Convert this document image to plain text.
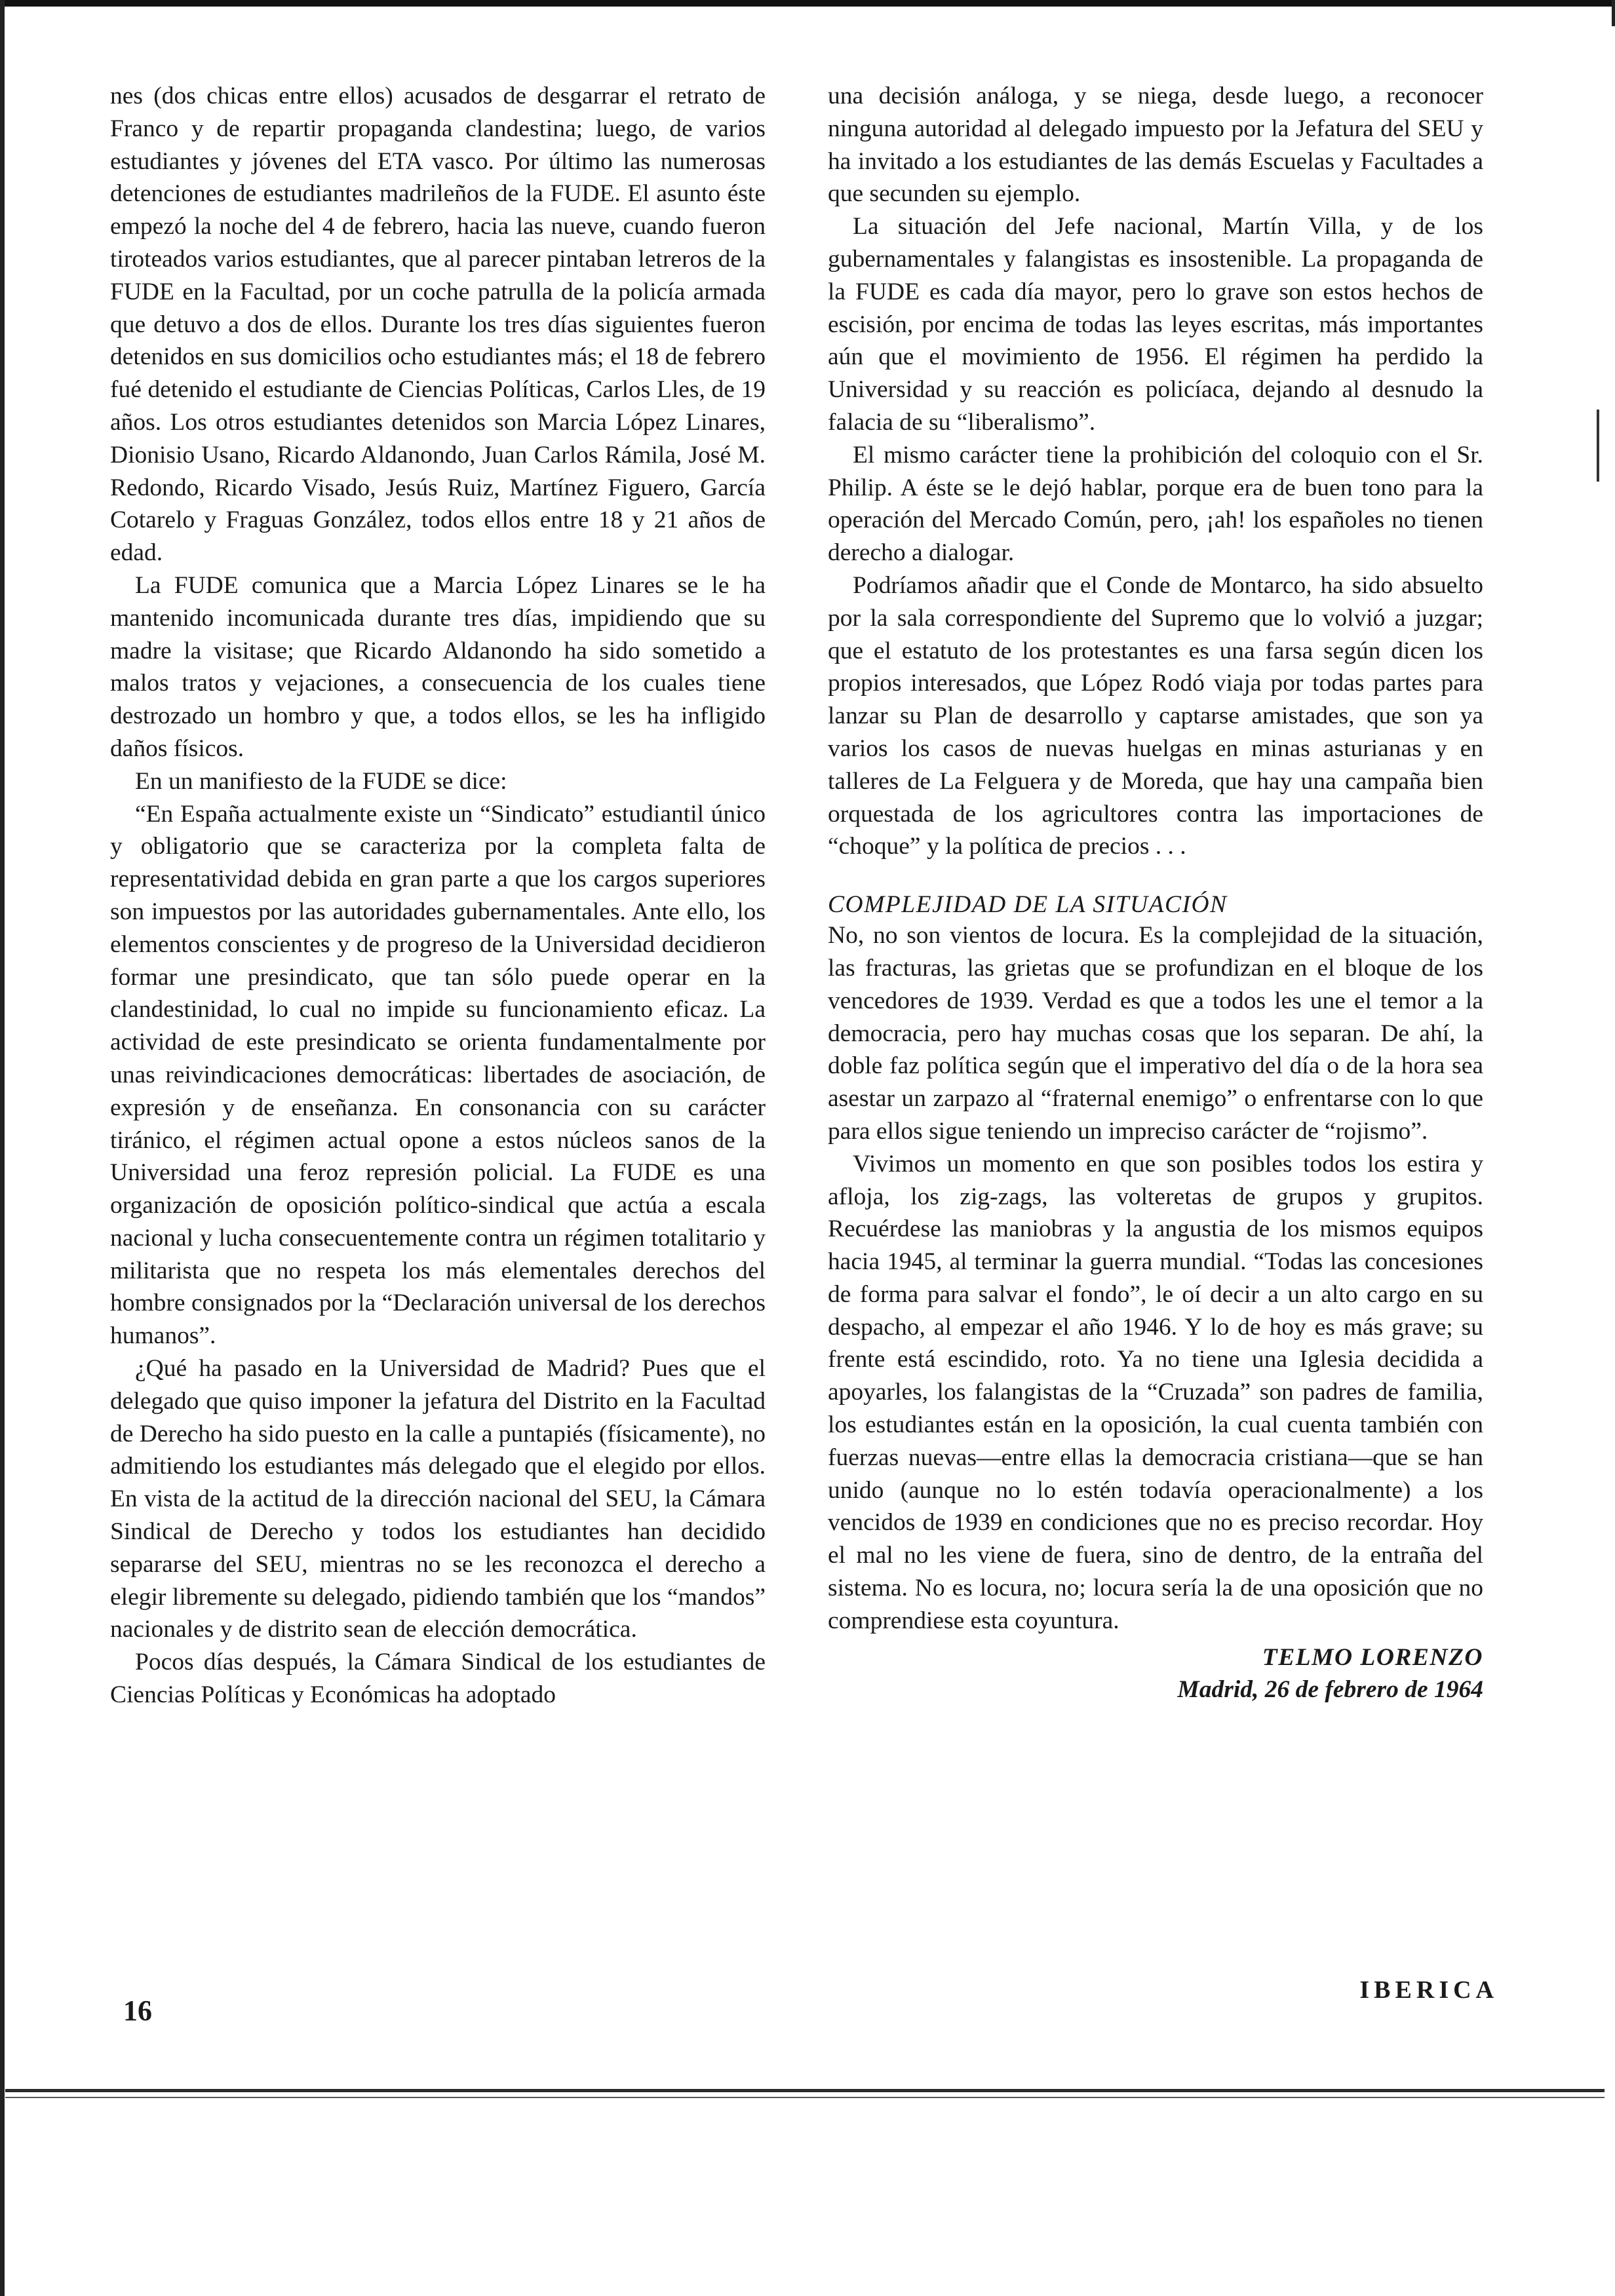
nes (dos chicas entre ellos) acusados de desgarrar el retrato de Franco y de repartir propaganda clandestina; luego, de varios estudiantes y jóvenes del ETA vasco. Por último las numerosas detenciones de estudiantes madrileños de la FUDE. El asunto éste empezó la noche del 4 de febrero, hacia las nueve, cuando fueron tiroteados varios estudiantes, que al parecer pintaban letreros de la FUDE en la Facultad, por un coche patrulla de la policía armada que detuvo a dos de ellos. Durante los tres días siguientes fueron detenidos en sus domicilios ocho estudiantes más; el 18 de febrero fué detenido el estudiante de Ciencias Políticas, Carlos Lles, de 19 años. Los otros estudiantes detenidos son Marcia López Linares, Dionisio Usano, Ricardo Aldanondo, Juan Carlos Rámila, José M. Redondo, Ricardo Visado, Jesús Ruiz, Martínez Figuero, García Cotarelo y Fraguas González, todos ellos entre 18 y 21 años de edad.

La FUDE comunica que a Marcia López Linares se le ha mantenido incomunicada durante tres días, impidiendo que su madre la visitase; que Ricardo Aldanondo ha sido sometido a malos tratos y vejaciones, a consecuencia de los cuales tiene destrozado un hombro y que, a todos ellos, se les ha infligido daños físicos.

En un manifiesto de la FUDE se dice:

“En España actualmente existe un “Sindicato” estudiantil único y obligatorio que se caracteriza por la completa falta de representatividad debida en gran parte a que los cargos superiores son impuestos por las autoridades gubernamentales. Ante ello, los elementos conscientes y de progreso de la Universidad decidieron formar une presindicato, que tan sólo puede operar en la clandestinidad, lo cual no impide su funcionamiento eficaz. La actividad de este presindicato se orienta fundamentalmente por unas reivindicaciones democráticas: libertades de asociación, de expresión y de enseñanza. En consonancia con su carácter tiránico, el régimen actual opone a estos núcleos sanos de la Universidad una feroz represión policial. La FUDE es una organización de oposición político-sindical que actúa a escala nacional y lucha consecuentemente contra un régimen totalitario y militarista que no respeta los más elementales derechos del hombre consignados por la “Declaración universal de los derechos humanos”.

¿Qué ha pasado en la Universidad de Madrid? Pues que el delegado que quiso imponer la jefatura del Distrito en la Facultad de Derecho ha sido puesto en la calle a puntapiés (físicamente), no admitiendo los estudiantes más delegado que el elegido por ellos. En vista de la actitud de la dirección nacional del SEU, la Cámara Sindical de Derecho y todos los estudiantes han decidido separarse del SEU, mientras no se les reconozca el derecho a elegir libremente su delegado, pidiendo también que los “mandos” nacionales y de distrito sean de elección democrática.

Pocos días después, la Cámara Sindical de los estudiantes de Ciencias Políticas y Económicas ha adoptado

una decisión análoga, y se niega, desde luego, a reconocer ninguna autoridad al delegado impuesto por la Jefatura del SEU y ha invitado a los estudiantes de las demás Escuelas y Facultades a que secunden su ejemplo.

La situación del Jefe nacional, Martín Villa, y de los gubernamentales y falangistas es insostenible. La propaganda de la FUDE es cada día mayor, pero lo grave son estos hechos de escisión, por encima de todas las leyes escritas, más importantes aún que el movimiento de 1956. El régimen ha perdido la Universidad y su reacción es policíaca, dejando al desnudo la falacia de su “liberalismo”.

El mismo carácter tiene la prohibición del coloquio con el Sr. Philip. A éste se le dejó hablar, porque era de buen tono para la operación del Mercado Común, pero, ¡ah! los españoles no tienen derecho a dialogar.

Podríamos añadir que el Conde de Montarco, ha sido absuelto por la sala correspondiente del Supremo que lo volvió a juzgar; que el estatuto de los protestantes es una farsa según dicen los propios interesados, que López Rodó viaja por todas partes para lanzar su Plan de desarrollo y captarse amistades, que son ya varios los casos de nuevas huelgas en minas asturianas y en talleres de La Felguera y de Moreda, que hay una campaña bien orquestada de los agricultores contra las importaciones de “choque” y la política de precios . . .

COMPLEJIDAD DE LA SITUACIÓN

No, no son vientos de locura. Es la complejidad de la situación, las fracturas, las grietas que se profundizan en el bloque de los vencedores de 1939. Verdad es que a todos les une el temor a la democracia, pero hay muchas cosas que los separan. De ahí, la doble faz política según que el imperativo del día o de la hora sea asestar un zarpazo al “fraternal enemigo” o enfrentarse con lo que para ellos sigue teniendo un impreciso carácter de “rojismo”.

Vivimos un momento en que son posibles todos los estira y afloja, los zig-zags, las volteretas de grupos y grupitos. Recuérdese las maniobras y la angustia de los mismos equipos hacia 1945, al terminar la guerra mundial. “Todas las concesiones de forma para salvar el fondo”, le oí decir a un alto cargo en su despacho, al empezar el año 1946. Y lo de hoy es más grave; su frente está escindido, roto. Ya no tiene una Iglesia decidida a apoyarles, los falangistas de la “Cruzada” son padres de familia, los estudiantes están en la oposición, la cual cuenta también con fuerzas nuevas—entre ellas la democracia cristiana—que se han unido (aunque no lo estén todavía operacionalmente) a los vencidos de 1939 en condiciones que no es preciso recordar. Hoy el mal no les viene de fuera, sino de dentro, de la entraña del sistema. No es locura, no; locura sería la de una oposición que no comprendiese esta coyuntura.

TELMO LORENZO
Madrid, 26 de febrero de 1964
16
IBERICA
